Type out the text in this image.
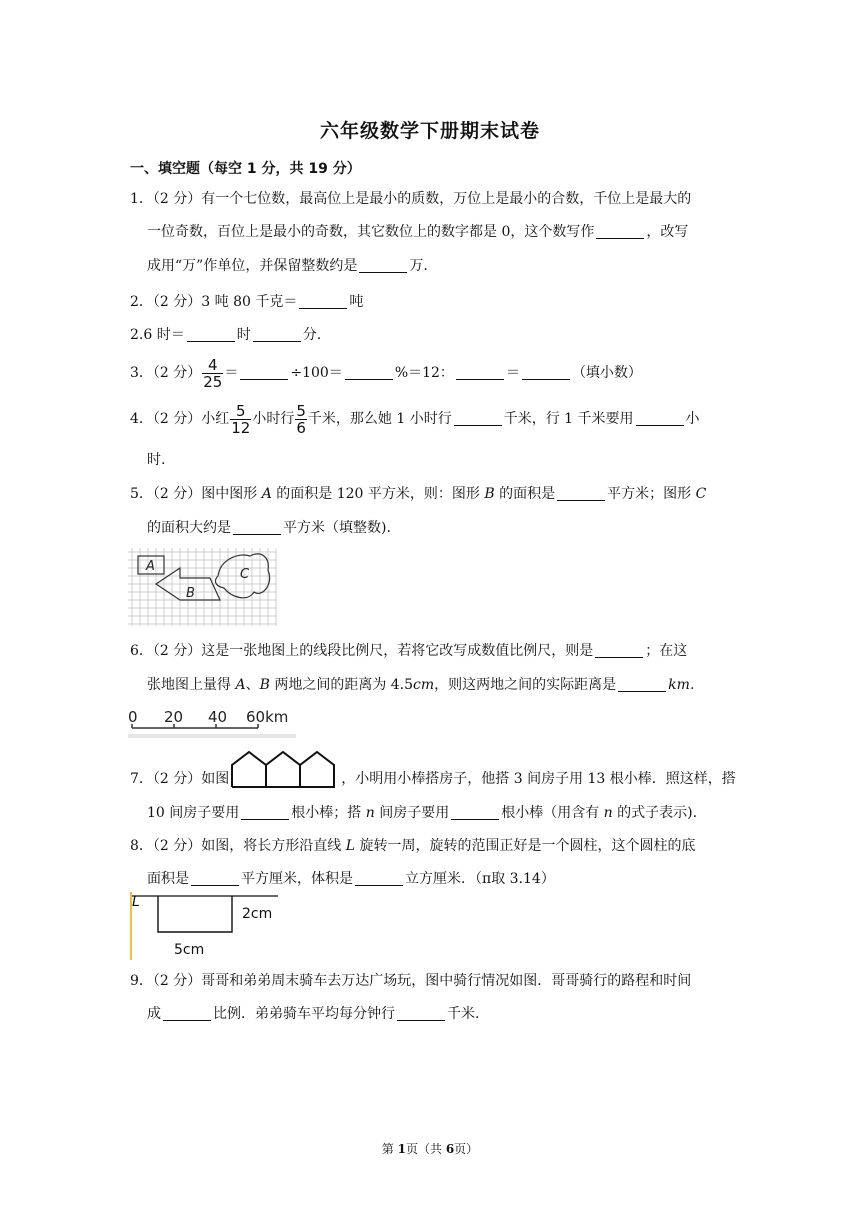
六年级数学下册期末试卷
一、填空题（每空 1 分，共 19 分）
1．（2 分）有一个七位数，最高位上是最小的质数，万位上是最小的合数，千位上是最大的
一位奇数，百位上是最小的奇数，其它数位上的数字都是 0，这个数写作	，改写
成用“万”作单位，并保留整数约是	万.
2．（2 分）3 吨 80 千克＝	吨
2.6 时＝	时	分.
3．（2 分） $\frac{4}{25}$ ＝	÷100＝	%＝12：	＝	（填小数）
4．（2 分）小红 $\frac{5}{12}$ 小时行 $\frac{5}{6}$ 千米，那么她 1 小时行	千米，行 1 千米要用	小
时.
5．（2 分）图中图形 A 的面积是 120 平方米，则：图形 B 的面积是	平方米；图形 C
的面积大约是	平方米（填整数).
A
B
C
6．（2 分）这是一张地图上的线段比例尺，若将它改写成数值比例尺，则是	；在这
张地图上量得 A、B 两地之间的距离为 4.5cm，则这两地之间的实际距离是	km.
0 20 40 60km
7．（2 分）如图	，小明用小棒搭房子，他搭 3 间房子用 13 根小棒．照这样，搭
10 间房子要用	根小棒；搭 n 间房子要用	根小棒（用含有 n 的式子表示).
8．（2 分）如图，将长方形沿直线 L 旋转一周，旋转的范围正好是一个圆柱，这个圆柱的底
面积是	平方厘米，体积是	立方厘米．（π取 3.14）
L
2cm
5cm
9．（2 分）哥哥和弟弟周末骑车去万达广场玩，图中骑行情况如图．哥哥骑行的路程和时间
成	比例．弟弟骑车平均每分钟行	千米.
第 1页（共 6页）
